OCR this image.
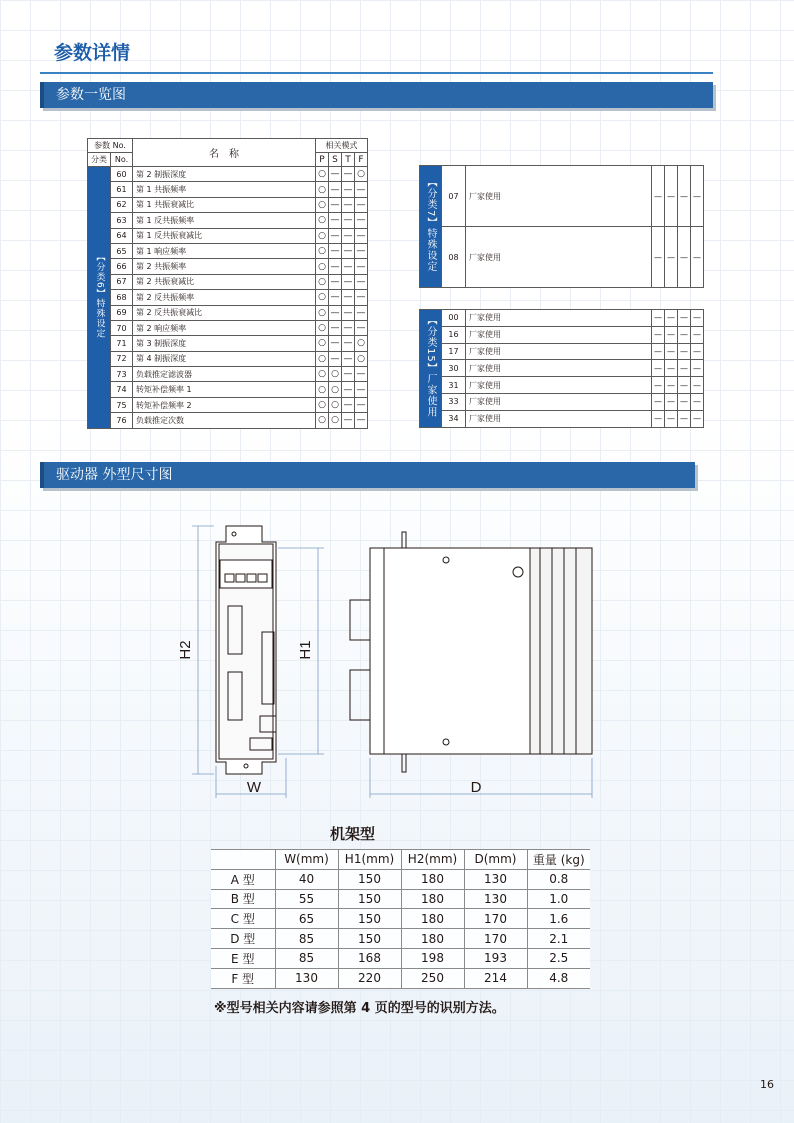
参数详情
参数一览图
参数 No.		名　称	相关模式			
分类	No.		P	S	T	F
【分类6】特殊设定	60	第 2 制振深度	○	—	—	○
	61	第 1 共振频率	○	—	—	—
	62	第 1 共振衰减比	○	—	—	—
	63	第 1 反共振频率	○	—	—	—
	64	第 1 反共振衰减比	○	—	—	—
	65	第 1 响应频率	○	—	—	—
	66	第 2 共振频率	○	—	—	—
	67	第 2 共振衰减比	○	—	—	—
	68	第 2 反共振频率	○	—	—	—
	69	第 2 反共振衰减比	○	—	—	—
	70	第 2 响应频率	○	—	—	—
	71	第 3 制振深度	○	—	—	○
	72	第 4 制振深度	○	—	—	○
	73	负载推定滤波器	○	○	—	—
	74	转矩补偿频率 1	○	○	—	—
	75	转矩补偿频率 2	○	○	—	—
	76	负载推定次数	○	○	—	—
【分类7】特殊设定	07	厂家使用	—	—	—	—
	08	厂家使用	—	—	—	—
【分类15】厂家使用	00	厂家使用	—	—	—	—
	16	厂家使用	—	—	—	—
	17	厂家使用	—	—	—	—
	30	厂家使用	—	—	—	—
	31	厂家使用	—	—	—	—
	33	厂家使用	—	—	—	—
	34	厂家使用	—	—	—	—
驱动器 外型尺寸图
H2	H1
W	D
机架型
	W(mm)	H1(mm)	H2(mm)	D(mm)	重量 (kg)
A 型	40	150	180	130	0.8
B 型	55	150	180	130	1.0
C 型	65	150	180	170	1.6
D 型	85	150	180	170	2.1
E 型	85	168	198	193	2.5
F 型	130	220	250	214	4.8
※型号相关内容请参照第 4 页的型号的识别方法。
16
